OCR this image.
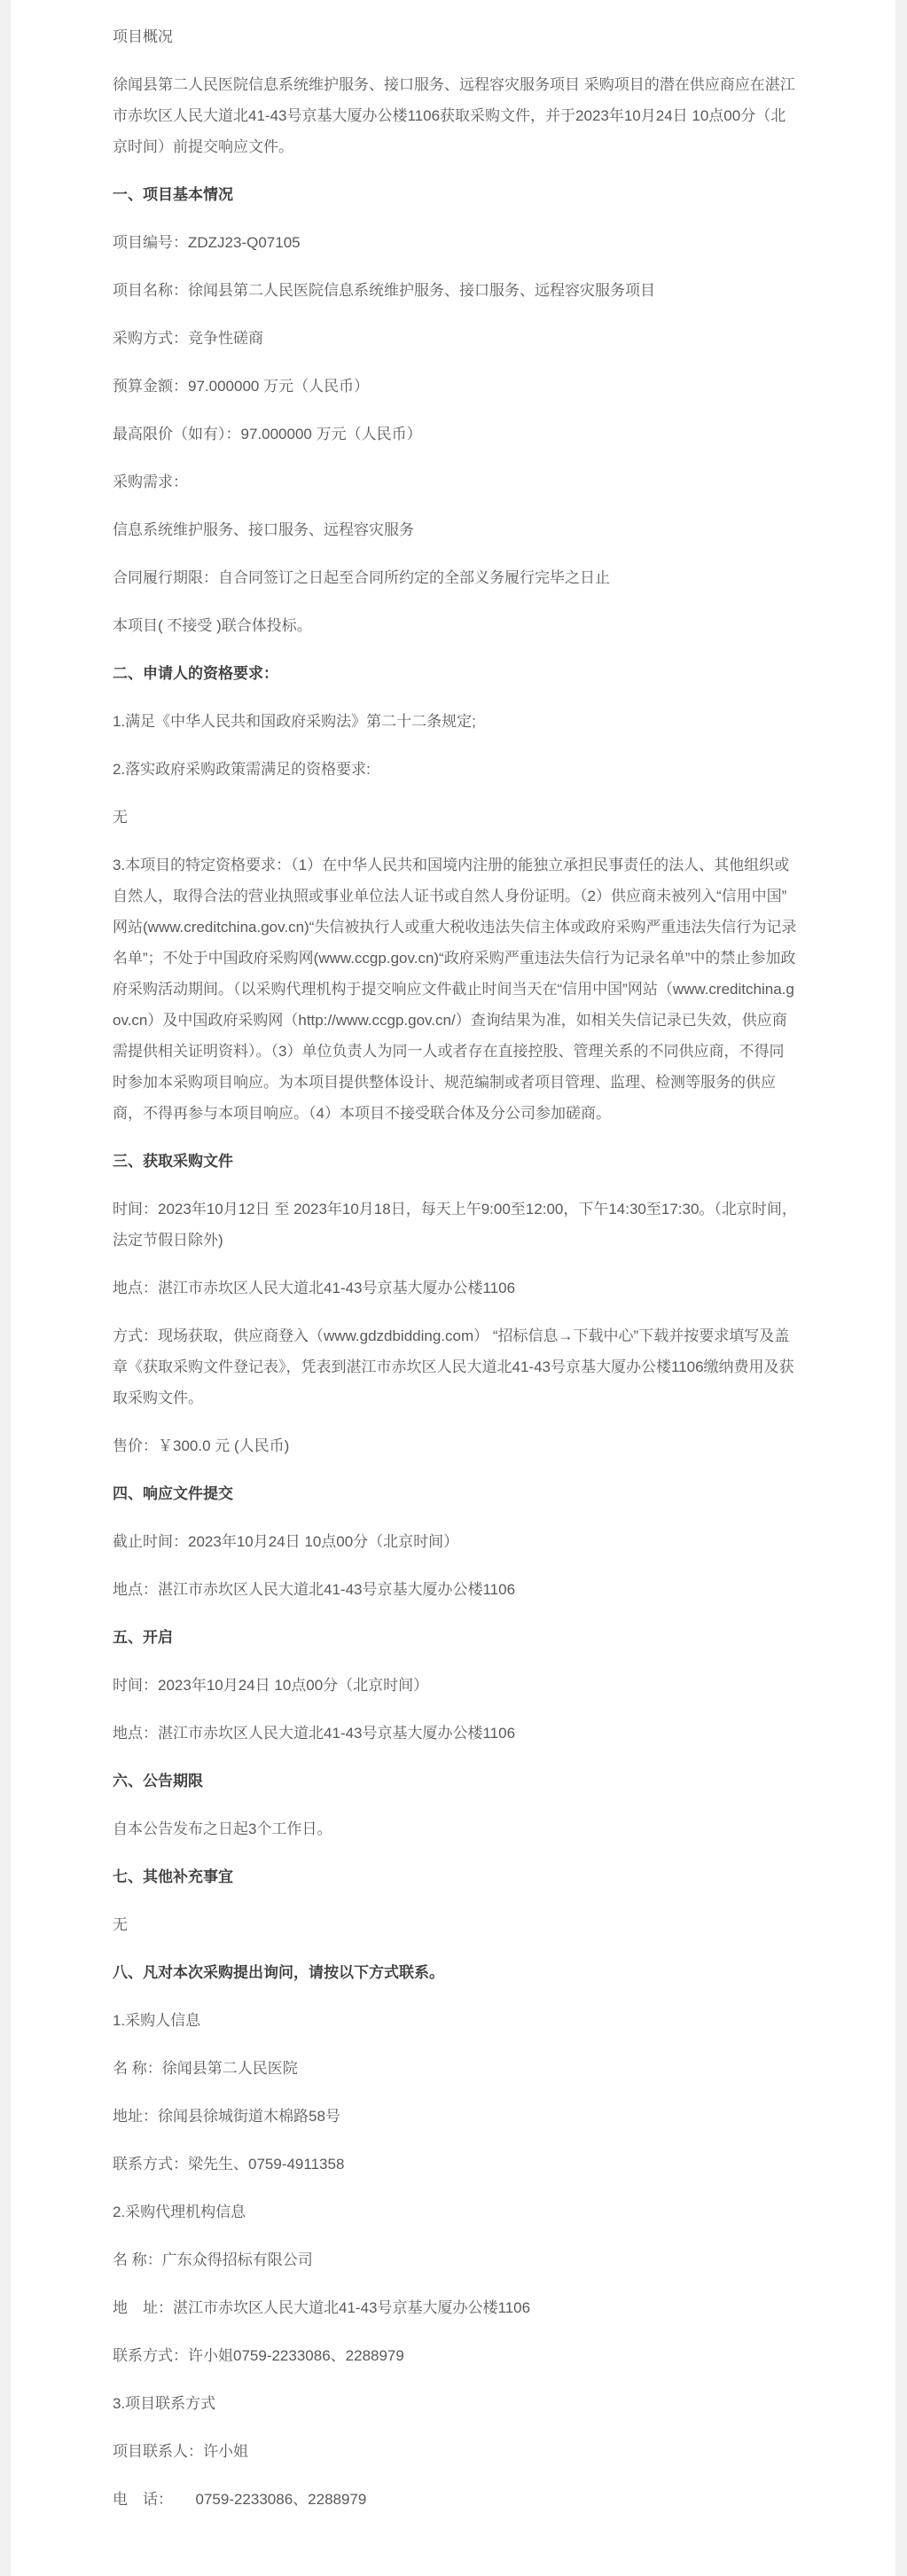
项目概况

徐闻县第二人民医院信息系统维护服务、接口服务、远程容灾服务项目 采购项目的潜在供应商应在湛江市赤坎区人民大道北41-43号京基大厦办公楼1106获取采购文件，并于2023年10月24日 10点00分（北京时间）前提交响应文件。

一、项目基本情况

项目编号：ZDZJ23-Q07105

项目名称：徐闻县第二人民医院信息系统维护服务、接口服务、远程容灾服务项目

采购方式：竞争性磋商

预算金额：97.000000 万元（人民币）

最高限价（如有）：97.000000 万元（人民币）

采购需求：

信息系统维护服务、接口服务、远程容灾服务

合同履行期限：自合同签订之日起至合同所约定的全部义务履行完毕之日止

本项目( 不接受 )联合体投标。

二、申请人的资格要求：

1.满足《中华人民共和国政府采购法》第二十二条规定;

2.落实政府采购政策需满足的资格要求:

无

3.本项目的特定资格要求：（1）在中华人民共和国境内注册的能独立承担民事责任的法人、其他组织或自然人，取得合法的营业执照或事业单位法人证书或自然人身份证明。（2）供应商未被列入“信用中国”网站(www.creditchina.gov.cn)“失信被执行人或重大税收违法失信主体或政府采购严重违法失信行为记录名单”；不处于中国政府采购网(www.ccgp.gov.cn)“政府采购严重违法失信行为记录名单”中的禁止参加政府采购活动期间。（以采购代理机构于提交响应文件截止时间当天在“信用中国”网站（www.creditchina.gov.cn）及中国政府采购网（http://www.ccgp.gov.cn/）查询结果为准，如相关失信记录已失效，供应商需提供相关证明资料）。（3）单位负责人为同一人或者存在直接控股、管理关系的不同供应商，不得同时参加本采购项目响应。为本项目提供整体设计、规范编制或者项目管理、监理、检测等服务的供应商，不得再参与本项目响应。（4）本项目不接受联合体及分公司参加磋商。

三、获取采购文件

时间：2023年10月12日 至 2023年10月18日，每天上午9:00至12:00，下午14:30至17:30。（北京时间，法定节假日除外)

地点：湛江市赤坎区人民大道北41-43号京基大厦办公楼1106

方式：现场获取，供应商登入（www.gdzdbidding.com） “招标信息→下载中心”下载并按要求填写及盖章《获取采购文件登记表》，凭表到湛江市赤坎区人民大道北41-43号京基大厦办公楼1106缴纳费用及获取采购文件。

售价：￥300.0 元 (人民币)

四、响应文件提交

截止时间：2023年10月24日 10点00分（北京时间）

地点：湛江市赤坎区人民大道北41-43号京基大厦办公楼1106

五、开启

时间：2023年10月24日 10点00分（北京时间）

地点：湛江市赤坎区人民大道北41-43号京基大厦办公楼1106

六、公告期限

自本公告发布之日起3个工作日。

七、其他补充事宜

无

八、凡对本次采购提出询问，请按以下方式联系。

1.采购人信息

名 称：徐闻县第二人民医院

地址：徐闻县徐城街道木棉路58号

联系方式：梁先生、0759-4911358

2.采购代理机构信息

名 称：广东众得招标有限公司

地　址：湛江市赤坎区人民大道北41-43号京基大厦办公楼1106

联系方式：许小姐0759-2233086、2288979

3.项目联系方式

项目联系人：许小姐

电　话：　　0759-2233086、2288979
